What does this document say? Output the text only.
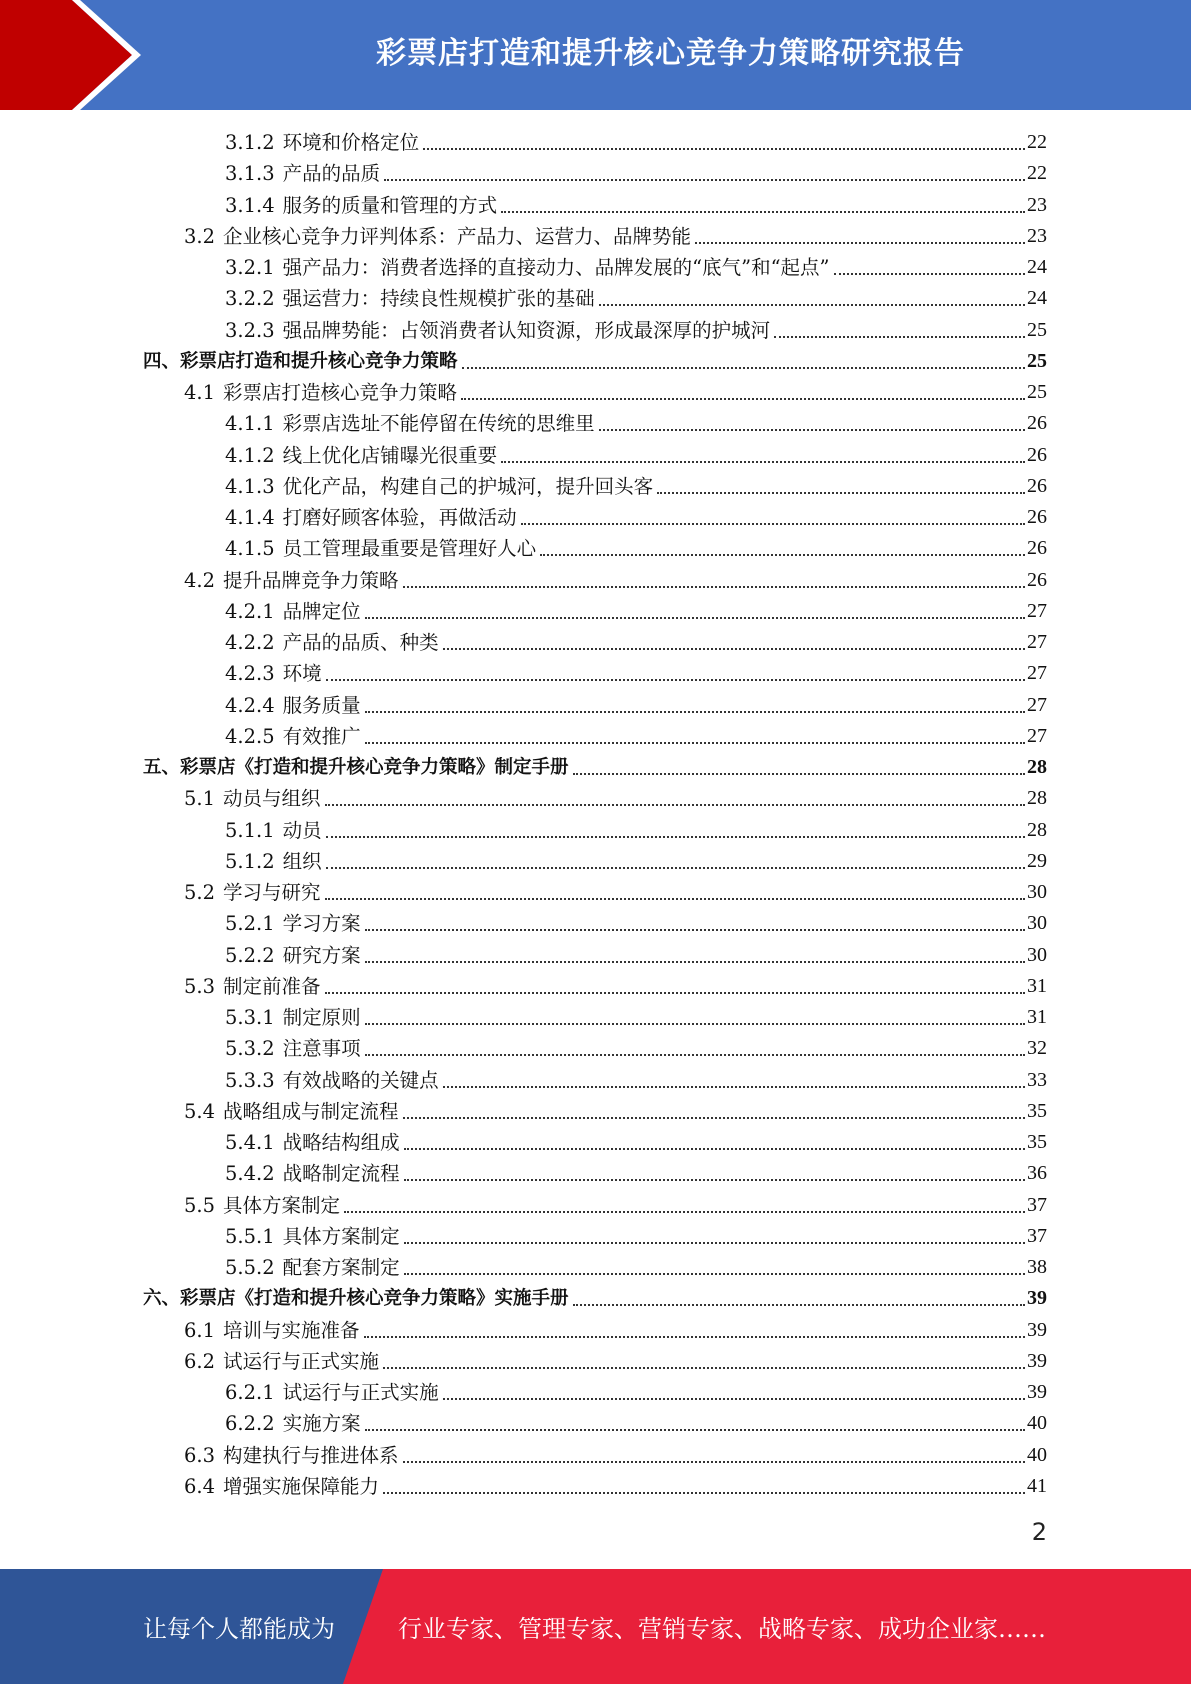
彩票店打造和提升核心竞争力策略研究报告
3.1.2 环境和价格定位	22
3.1.3 产品的品质	22
3.1.4 服务的质量和管理的方式	23
3.2 企业核心竞争力评判体系：产品力、运营力、品牌势能	23
3.2.1 强产品力：消费者选择的直接动力、品牌发展的“底气”和“起点”	24
3.2.2 强运营力：持续良性规模扩张的基础	24
3.2.3 强品牌势能：占领消费者认知资源，形成最深厚的护城河	25
四、彩票店打造和提升核心竞争力策略	25
4.1 彩票店打造核心竞争力策略	25
4.1.1 彩票店选址不能停留在传统的思维里	26
4.1.2 线上优化店铺曝光很重要	26
4.1.3 优化产品，构建自己的护城河，提升回头客	26
4.1.4 打磨好顾客体验，再做活动	26
4.1.5 员工管理最重要是管理好人心	26
4.2 提升品牌竞争力策略	26
4.2.1 品牌定位	27
4.2.2 产品的品质、种类	27
4.2.3 环境	27
4.2.4 服务质量	27
4.2.5 有效推广	27
五、彩票店《打造和提升核心竞争力策略》制定手册	28
5.1 动员与组织	28
5.1.1 动员	28
5.1.2 组织	29
5.2 学习与研究	30
5.2.1 学习方案	30
5.2.2 研究方案	30
5.3 制定前准备	31
5.3.1 制定原则	31
5.3.2 注意事项	32
5.3.3 有效战略的关键点	33
5.4 战略组成与制定流程	35
5.4.1 战略结构组成	35
5.4.2 战略制定流程	36
5.5 具体方案制定	37
5.5.1 具体方案制定	37
5.5.2 配套方案制定	38
六、彩票店《打造和提升核心竞争力策略》实施手册	39
6.1 培训与实施准备	39
6.2 试运行与正式实施	39
6.2.1 试运行与正式实施	39
6.2.2 实施方案	40
6.3 构建执行与推进体系	40
6.4 增强实施保障能力	41
2
让每个人都能成为	行业专家、管理专家、营销专家、战略专家、成功企业家……
